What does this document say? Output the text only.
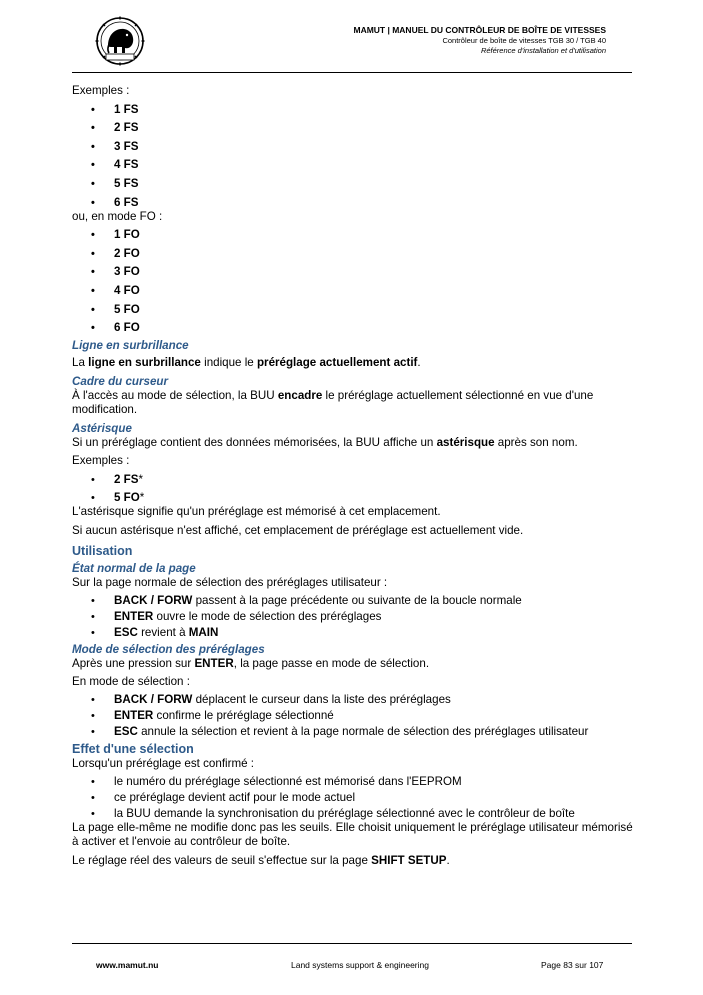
MAMUT | MANUEL DU CONTRÔLEUR DE BOÎTE DE VITESSES
Contrôleur de boîte de vitesses TGB 30 / TGB 40
Référence d'installation et d'utilisation

Exemples :

• 1 FS
• 2 FS
• 3 FS
• 4 FS
• 5 FS
• 6 FS

ou, en mode FO :

• 1 FO
• 2 FO
• 3 FO
• 4 FO
• 5 FO
• 6 FO
Ligne en surbrillance

La ligne en surbrillance indique le préréglage actuellement actif.

Cadre du curseur

À l'accès au mode de sélection, la BUU encadre le préréglage actuellement sélectionné en vue d'une modification.

Astérisque

Si un préréglage contient des données mémorisées, la BUU affiche un astérisque après son nom.

Exemples :

• 2 FS*
• 5 FO*

L'astérisque signifie qu'un préréglage est mémorisé à cet emplacement.

Si aucun astérisque n'est affiché, cet emplacement de préréglage est actuellement vide.

Utilisation
État normal de la page

Sur la page normale de sélection des préréglages utilisateur :

• BACK / FORW passent à la page précédente ou suivante de la boucle normale
• ENTER ouvre le mode de sélection des préréglages
• ESC revient à MAIN
Mode de sélection des préréglages

Après une pression sur ENTER, la page passe en mode de sélection.

En mode de sélection :

• BACK / FORW déplacent le curseur dans la liste des préréglages
• ENTER confirme le préréglage sélectionné
• ESC annule la sélection et revient à la page normale de sélection des préréglages utilisateur
Effet d'une sélection

Lorsqu'un préréglage est confirmé :

• le numéro du préréglage sélectionné est mémorisé dans l'EEPROM
• ce préréglage devient actif pour le mode actuel
• la BUU demande la synchronisation du préréglage sélectionné avec le contrôleur de boîte

La page elle-même ne modifie donc pas les seuils. Elle choisit uniquement le préréglage utilisateur mémorisé à activer et l'envoie au contrôleur de boîte.

Le réglage réel des valeurs de seuil s'effectue sur la page SHIFT SETUP.

www.mamut.nu	Land systems support & engineering	Page 83 sur 107
